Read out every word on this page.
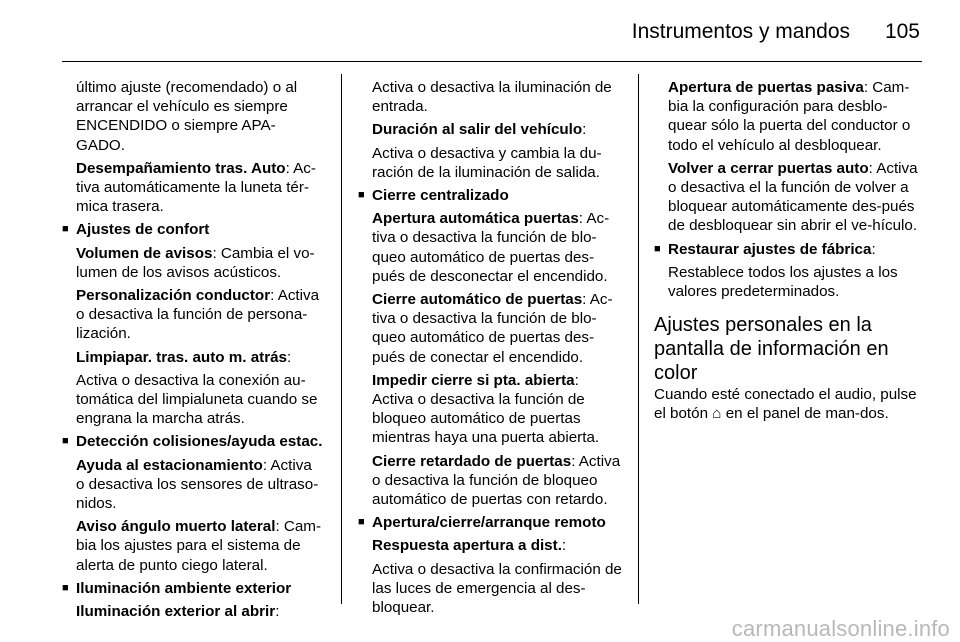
Instrumentos y mandos 105

último ajuste (recomendado) o al arrancar el vehículo es siempre ENCENDIDO o siempre APA-GADO.

Desempañamiento tras. Auto: Ac-tiva automáticamente la luneta tér-mica trasera.

■ Ajustes de confort

Volumen de avisos: Cambia el vo-lumen de los avisos acústicos.

Personalización conductor: Activa o desactiva la función de persona-lización.

Limpiapar. tras. auto m. atrás:

Activa o desactiva la conexión au-tomática del limpialuneta cuando se engrana la marcha atrás.

■ Detección colisiones/ayuda estac.

Ayuda al estacionamiento: Activa o desactiva los sensores de ultraso-nidos.

Aviso ángulo muerto lateral: Cam-bia los ajustes para el sistema de alerta de punto ciego lateral.

■ Iluminación ambiente exterior

Iluminación exterior al abrir:

Activa o desactiva la iluminación de entrada.

Duración al salir del vehículo:

Activa o desactiva y cambia la du-ración de la iluminación de salida.

■ Cierre centralizado

Apertura automática puertas: Ac-tiva o desactiva la función de blo-queo automático de puertas des-pués de desconectar el encendido.

Cierre automático de puertas: Ac-tiva o desactiva la función de blo-queo automático de puertas des-pués de conectar el encendido.

Impedir cierre si pta. abierta: Activa o desactiva la función de bloqueo automático de puertas mientras haya una puerta abierta.

Cierre retardado de puertas: Activa o desactiva la función de bloqueo automático de puertas con retardo.

■ Apertura/cierre/arranque remoto

Respuesta apertura a dist.:

Activa o desactiva la confirmación de las luces de emergencia al des-bloquear.

Apertura de puertas pasiva: Cam-bia la configuración para desblo-quear sólo la puerta del conductor o todo el vehículo al desbloquear.

Volver a cerrar puertas auto: Activa o desactiva el la función de volver a bloquear automáticamente des-pués de desbloquear sin abrir el ve-hículo.

■ Restaurar ajustes de fábrica:

Restablece todos los ajustes a los valores predeterminados.

Ajustes personales en la pantalla de información en color

Cuando esté conectado el audio, pulse el botón ⌂ en el panel de man-dos.

carmanualsonline.info
